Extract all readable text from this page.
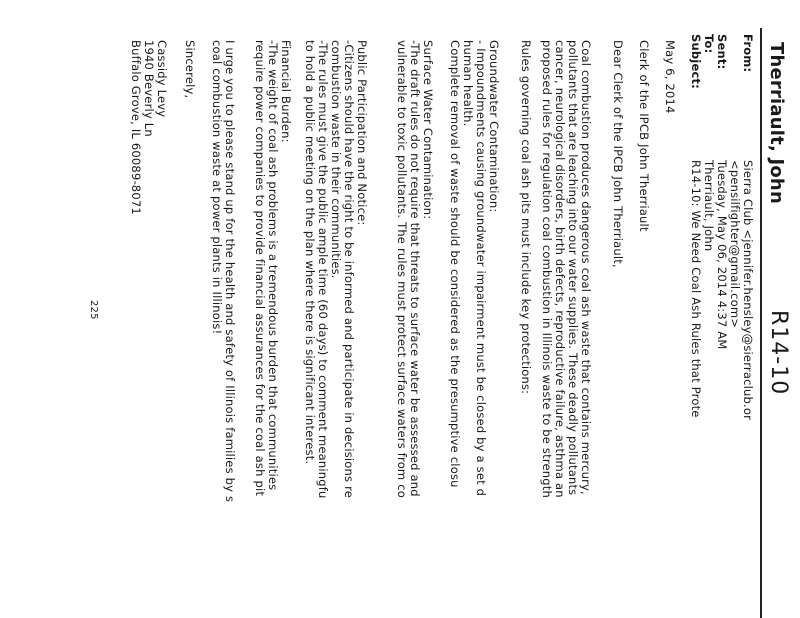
Therriault, John
R14-10
From:
Sent:
To:
Subject:
Sierra Club <jennifer.hensley@sierraclub.or
<pensilfighter@gmail.com>
Tuesday, May 06, 2014 4:37 AM
Therriault, John
R14-10: We Need Coal Ash Rules that Prote
May 6, 2014
Clerk of the IPCB John Therriault
Dear Clerk of the IPCB John Therriault,
Coal combustion produces dangerous coal ash waste that contains mercury,
pollutants that are leaching into our water supplies. These deadly pollutants
cancer, neurological disorders, birth defects, reproductive failure, asthma an
proposed rules for regulation coal combustion in Illinois waste to be strength
Rules governing coal ash pits must include key protections:
Groundwater Contamination:
- Impoundments causing groundwater impairment must be closed by a set d
human health.
Complete removal of waste should be considered as the presumptive closu
Surface Water Contamination:
-The draft rules do not require that threats to surface water be assessed and
vulnerable to toxic pollutants. The rules must protect surface waters from co
Public Participation and Notice:
-Citizens should have the right to be informed and participate in decisions re
combustion waste in their communities.
-The rules must give the public ample time (60 days) to comment meaningfu
to hold a public meeting on the plan where there is significant interest.
Financial Burden:
-The weight of coal ash problems is a tremendous burden that communities
require power companies to provide financial assurances for the coal ash pit
I urge you to please stand up for the health and safety of Illinois families by s
coal combustion waste at power plants in Illinois!
Sincerely,
Cassidy Levy
1940 Beverly Ln
Buffalo Grove, IL 60089-8071
225
